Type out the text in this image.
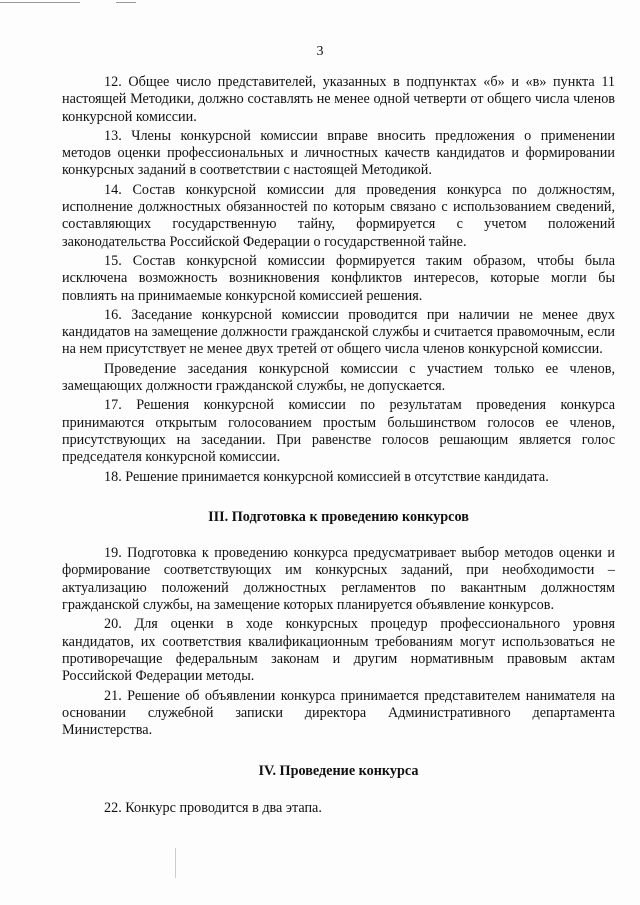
3

12. Общее число представителей, указанных в подпунктах «б» и «в» пункта 11 настоящей Методики, должно составлять не менее одной четверти от общего числа членов конкурсной комиссии.

13. Члены конкурсной комиссии вправе вносить предложения о применении методов оценки профессиональных и личностных качеств кандидатов и формировании конкурсных заданий в соответствии с настоящей Методикой.

14. Состав конкурсной комиссии для проведения конкурса по должностям, исполнение должностных обязанностей по которым связано с использованием сведений, составляющих государственную тайну, формируется с учетом положений законодательства Российской Федерации о государственной тайне.

15. Состав конкурсной комиссии формируется таким образом, чтобы была исключена возможность возникновения конфликтов интересов, которые могли бы повлиять на принимаемые конкурсной комиссией решения.

16. Заседание конкурсной комиссии проводится при наличии не менее двух кандидатов на замещение должности гражданской службы и считается правомочным, если на нем присутствует не менее двух третей от общего числа членов конкурсной комиссии.

Проведение заседания конкурсной комиссии с участием только ее членов, замещающих должности гражданской службы, не допускается.

17. Решения конкурсной комиссии по результатам проведения конкурса принимаются открытым голосованием простым большинством голосов ее членов, присутствующих на заседании. При равенстве голосов решающим является голос председателя конкурсной комиссии.

18. Решение принимается конкурсной комиссией в отсутствие кандидата.

III. Подготовка к проведению конкурсов

19. Подготовка к проведению конкурса предусматривает выбор методов оценки и формирование соответствующих им конкурсных заданий, при необходимости – актуализацию положений должностных регламентов по вакантным должностям гражданской службы, на замещение которых планируется объявление конкурсов.

20. Для оценки в ходе конкурсных процедур профессионального уровня кандидатов, их соответствия квалификационным требованиям могут использоваться не противоречащие федеральным законам и другим нормативным правовым актам Российской Федерации методы.

21. Решение об объявлении конкурса принимается представителем нанимателя на основании служебной записки директора Административного департамента Министерства.

IV. Проведение конкурса

22. Конкурс проводится в два этапа.
